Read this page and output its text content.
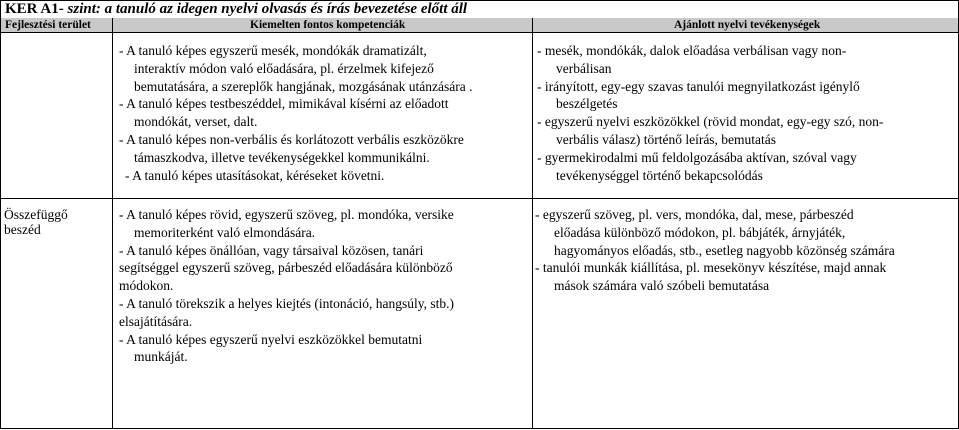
KER A1- szint: a tanuló az idegen nyelvi olvasás és írás bevezetése előtt áll
Fejlesztési terület	Kiemelten fontos kompetenciák	Ajánlott nyelvi tevékenységek
- A tanuló képes egyszerű mesék, mondókák dramatizált,
interaktív módon való előadására, pl. érzelmek kifejező
bemutatására, a szereplők hangjának, mozgásának utánzására .
- A tanuló képes testbeszéddel, mimikával kísérni az előadott
mondókát, verset, dalt.
- A tanuló képes non-verbális és korlátozott verbális eszközökre
támaszkodva, illetve tevékenységekkel kommunikálni.
- A tanuló képes utasításokat, kéréseket követni.
- mesék, mondókák, dalok előadása verbálisan vagy non-
verbálisan
- irányított, egy-egy szavas tanulói megnyilatkozást igénylő
beszélgetés
- egyszerű nyelvi eszközökkel (rövid mondat, egy-egy szó, non-
verbális válasz) történő leírás, bemutatás
- gyermekirodalmi mű feldolgozásába aktívan, szóval vagy
tevékenységgel történő bekapcsolódás
Összefüggő
beszéd
- A tanuló képes rövid, egyszerű szöveg, pl. mondóka, versike
memoriterként való elmondására.
- A tanuló képes önállóan, vagy társaival közösen, tanári
segítséggel egyszerű szöveg, párbeszéd előadására különböző
módokon.
- A tanuló törekszik a helyes kiejtés (intonáció, hangsúly, stb.)
elsajátítására.
- A tanuló képes egyszerű nyelvi eszközökkel bemutatni
munkáját.
- egyszerű szöveg, pl. vers, mondóka, dal, mese, párbeszéd
előadása különböző módokon, pl. bábjáték, árnyjáték,
hagyományos előadás, stb., esetleg nagyobb közönség számára
- tanulói munkák kiállítása, pl. mesekönyv készítése, majd annak
mások számára való szóbeli bemutatása
